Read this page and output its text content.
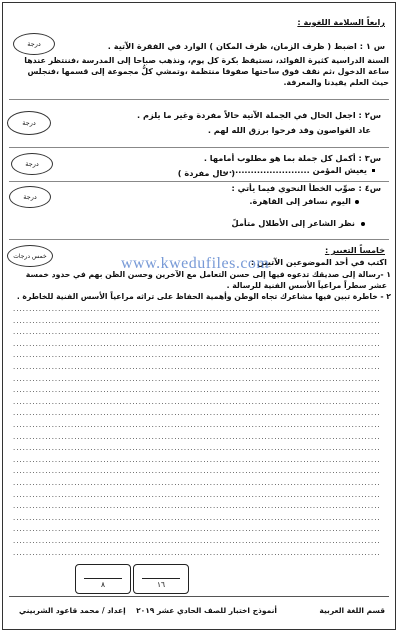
رابعاً السلامة اللغوية :
درجة	س ١ : اضبط ( ظرف الزمان، ظرف المكان ) الوارد في الفقرة الآتية .
السنة الدراسية كثيرة الفوائد، نستيقظ بكرة كل يوم، ونذهب صباحا إلى المدرسة ،فننتظر عندها
ساعة الدخول ،ثم نقف فوق ساحتها صفوفا منتظمة ،وتمشي كلُّ مجموعة إلى قسمها ،فنجلس
حيث العلم يفيدنا والمعرفة.
درجة
س٢ : اجعل الحال في الجملة الآتية حالاً مفردة وغير ما يلزم .
عاد الغواصون وقد فرحوا برزق الله لهم .
درجة
س٣ : أكمل كل جملة بما هو مطلوب أمامها .
يعيش المؤمن ..............................
( حال مفردة )
درجة
س٤ : صوِّب الخطأ النحوي فيما يأتي :
اليوم نسافر إلى القاهرة.
نظر الشاعر إلى الأطلال متأملً
خمس درجات
خامساً التعبير :
اكتب في أحد الموضوعين الآتيين :
١ -رسالة إلى صديقك تدعوه فيها إلى حسن التعامل مع الآخرين وحسن الظن بهم في حدود خمسة
عشر سطراً مراعياً الأسس الفنية للرسالة .
٢ - خاطرة تبين فيها مشاعرك تجاه الوطن وأهمية الحفاظ على تراثه مراعياً الأسس الفنية للخاطرة .
www.kwedufiles.com
.....
.....
.....
.....
.....
.....
.....
.....
.....
.....
.....
.....
.....
.....
.....
.....
.....
.....
.....
.....
.....
.....
٨	١٦
قسم اللغة العربية
أنموذج اختبار للصف الحادي عشر ٢٠١٩
إعداد / محمد قاعود الشربيني
